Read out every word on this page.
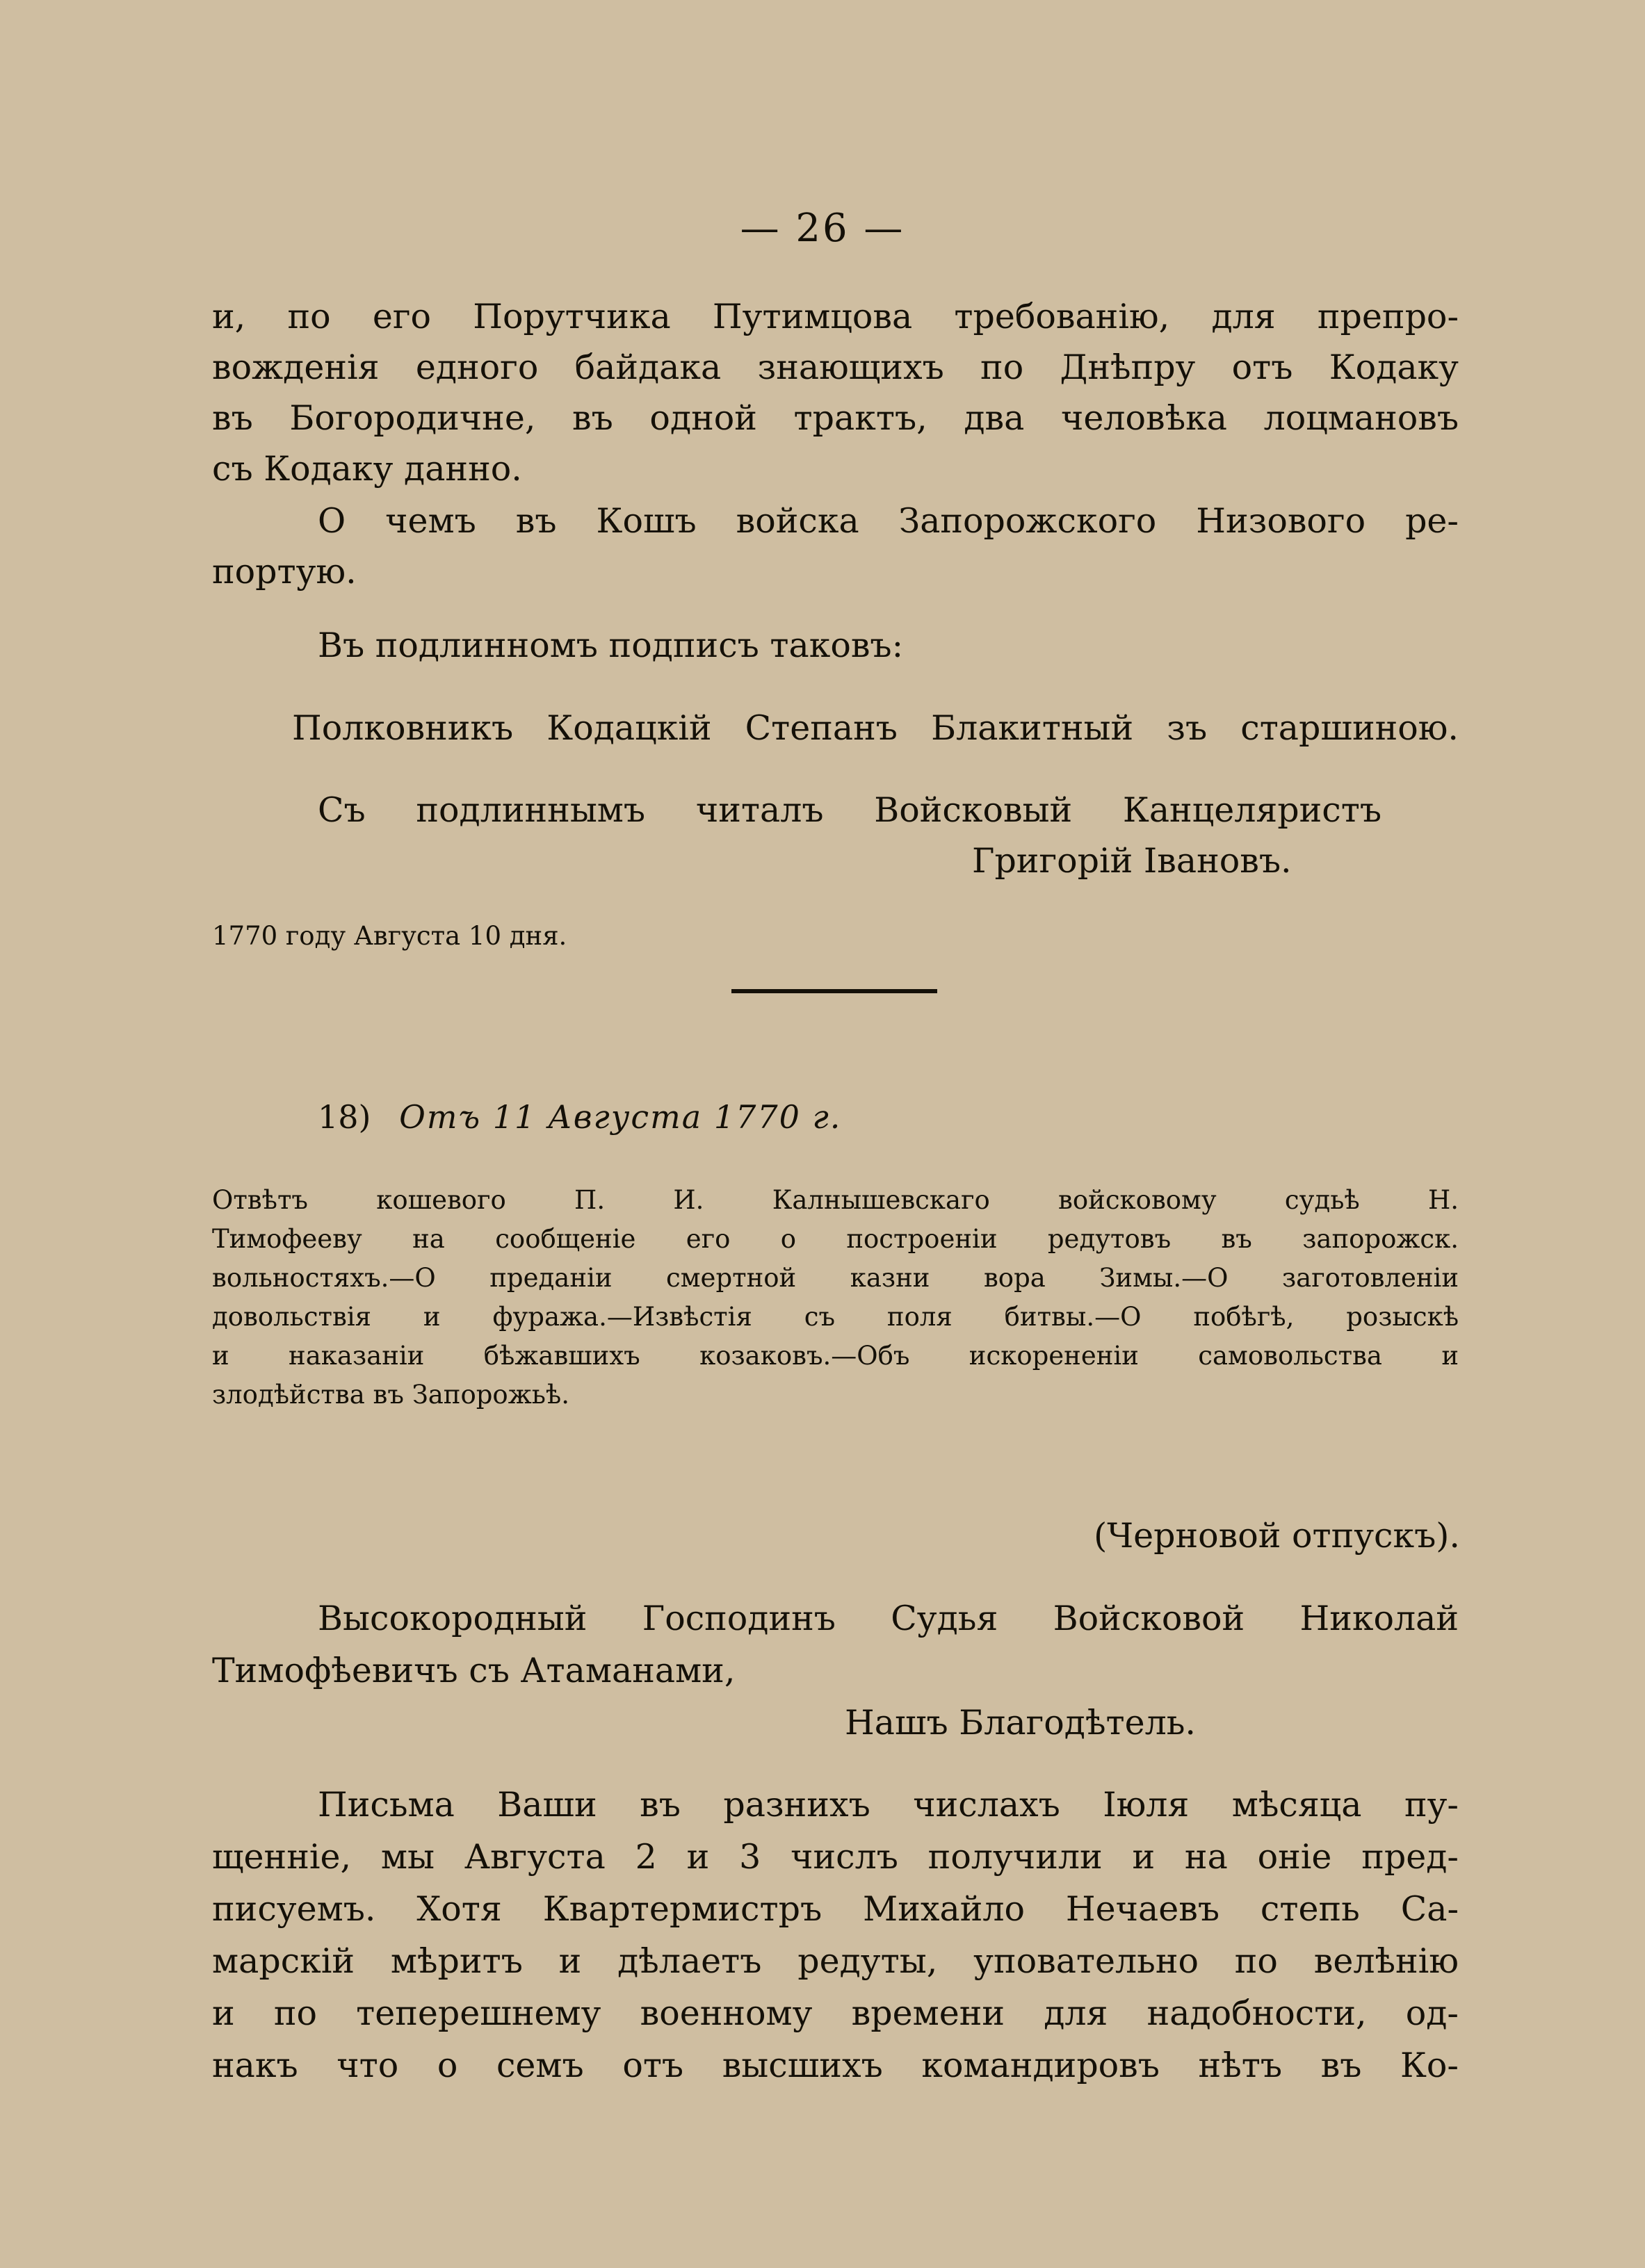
— 26 —
и, по его Порутчика Путимцова требованію, для препро-
вожденія едного байдака знающихъ по Днѣпру отъ Кодаку
въ Богородичне, въ одной трактъ, два человѣка лоцмановъ
съ Кодаку данно.
О чемъ въ Кошъ войска Запорожского Низового ре-
портую.
Въ подлинномъ подписъ таковъ:
Полковникъ Кодацкій Степанъ Блакитный зъ старшиною.
Съ подлиннымъ читалъ Войсковый Канцеляристъ
Григорій Івановъ.
1770 году Августа 10 дня.
18) Отъ 11 Августа 1770 г.
Отвѣтъ кошевого П. И. Калнышевскаго войсковому судьѣ Н.
Тимофееву на сообщеніе его о построеніи редутовъ въ запорожск.
вольностяхъ.—О преданіи смертной казни вора Зимы.—О заготовленіи
довольствія и фуража.—Извѣстія съ поля битвы.—О побѣгѣ, розыскѣ
и наказаніи бѣжавшихъ козаковъ.—Объ искорененіи самовольства и
злодѣйства въ Запорожьѣ.
(Черновой отпускъ).
Высокородный Господинъ Судья Войсковой Николай
Тимофѣевичъ съ Атаманами,
Нашъ Благодѣтель.
Письма Ваши въ разнихъ числахъ Іюля мѣсяца пу-
щенніе, мы Августа 2 и 3 числъ получили и на оніе пред-
писуемъ. Хотя Квартермистръ Михайло Нечаевъ степь Са-
марскій мѣритъ и дѣлаетъ редуты, уповательно по велѣнію
и по теперешнему военному времени для надобности, од-
накъ что о семъ отъ высшихъ командировъ нѣтъ въ Ко-
